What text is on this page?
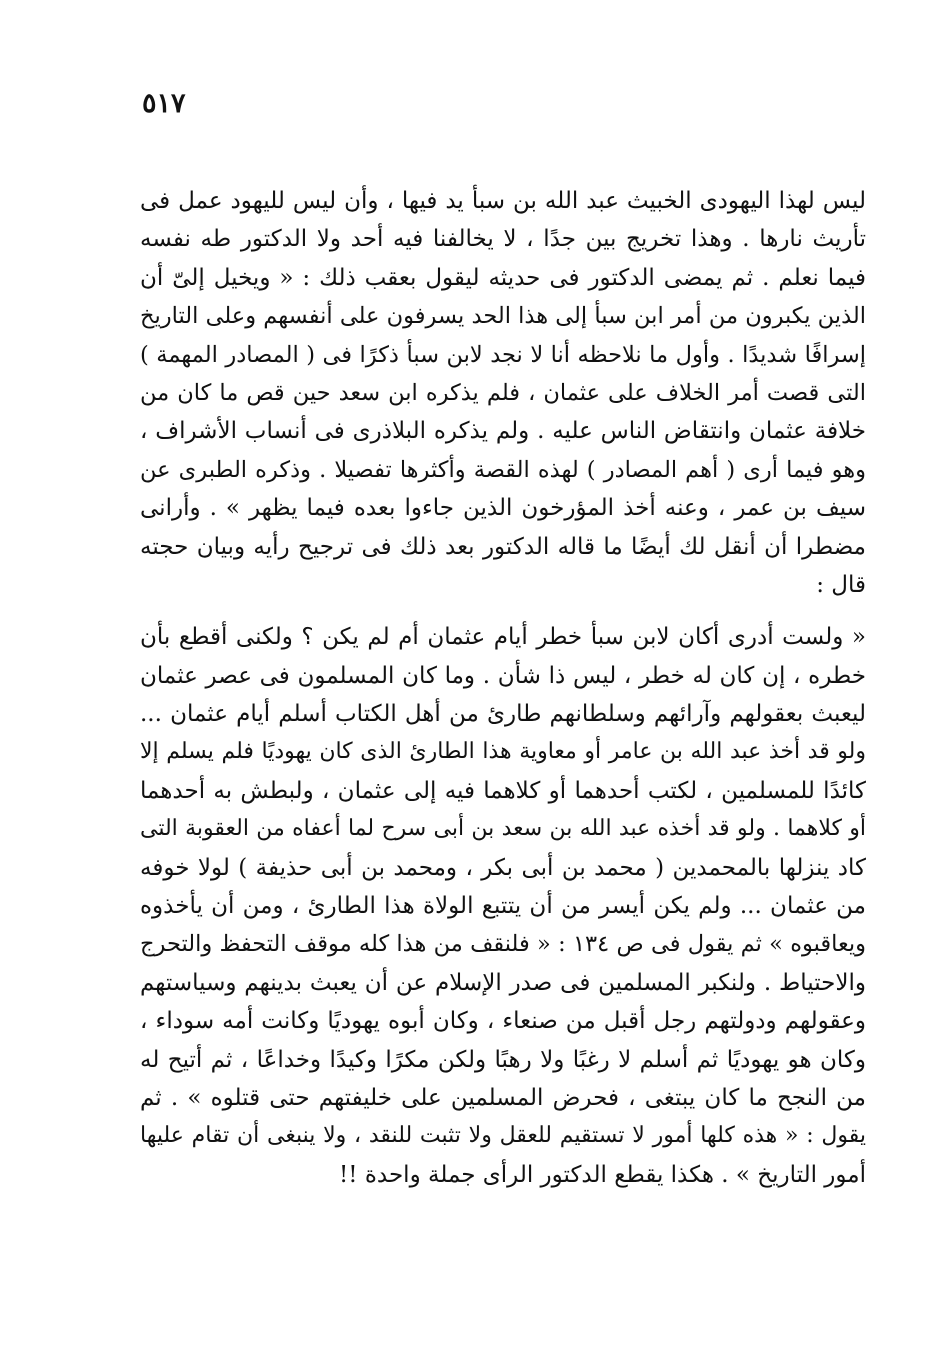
٥١٧

ليس لهذا اليهودى الخبيث عبد الله بن سبأ يد فيها ، وأن ليس لليهود عمل فى
تأريث نارها . وهذا تخريج بين جدًا ، لا يخالفنا فيه أحد ولا الدكتور طه نفسه
فيما نعلم . ثم يمضى الدكتور فى حديثه ليقول بعقب ذلك : « ويخيل إلىّ أن
الذين يكبرون من أمر ابن سبأ إلى هذا الحد يسرفون على أنفسهم وعلى التاريخ
إسرافًا شديدًا . وأول ما نلاحظه أنا لا نجد لابن سبأ ذكرًا فى ( المصادر المهمة )
التى قصت أمر الخلاف على عثمان ، فلم يذكره ابن سعد حين قص ما كان من
خلافة عثمان وانتقاض الناس عليه . ولم يذكره البلاذرى فى أنساب الأشراف ،
وهو فيما أرى ( أهم المصادر ) لهذه القصة وأكثرها تفصيلا . وذكره الطبرى عن
سيف بن عمر ، وعنه أخذ المؤرخون الذين جاءوا بعده فيما يظهر » . وأرانى
مضطرا أن أنقل لك أيضًا ما قاله الدكتور بعد ذلك فى ترجيح رأيه وبيان حجته
قال :

« ولست أدرى أكان لابن سبأ خطر أيام عثمان أم لم يكن ؟ ولكنى أقطع بأن
خطره ، إن كان له خطر ، ليس ذا شأن . وما كان المسلمون فى عصر عثمان
ليعبث بعقولهم وآرائهم وسلطانهم طارئ من أهل الكتاب أسلم أيام عثمان ...
ولو قد أخذ عبد الله بن عامر أو معاوية هذا الطارئ الذى كان يهوديًا فلم يسلم إلا
كائدًا للمسلمين ، لكتب أحدهما أو كلاهما فيه إلى عثمان ، ولبطش به أحدهما
أو كلاهما . ولو قد أخذه عبد الله بن سعد بن أبى سرح لما أعفاه من العقوبة التى
كاد ينزلها بالمحمدين ( محمد بن أبى بكر ، ومحمد بن أبى حذيفة ) لولا خوفه
من عثمان ... ولم يكن أيسر من أن يتتبع الولاة هذا الطارئ ، ومن أن يأخذوه
ويعاقبوه » ثم يقول فى ص ١٣٤ : « فلنقف من هذا كله موقف التحفظ والتحرج
والاحتياط . ولنكبر المسلمين فى صدر الإسلام عن أن يعبث بدينهم وسياستهم
وعقولهم ودولتهم رجل أقبل من صنعاء ، وكان أبوه يهوديًا وكانت أمه سوداء ،
وكان هو يهوديًا ثم أسلم لا رغبًا ولا رهبًا ولكن مكرًا وكيدًا وخداعًا ، ثم أتيح له
من النجح ما كان يبتغى ، فحرض المسلمين على خليفتهم حتى قتلوه » . ثم
يقول : « هذه كلها أمور لا تستقيم للعقل ولا تثبت للنقد ، ولا ينبغى أن تقام عليها
أمور التاريخ » . هكذا يقطع الدكتور الرأى جملة واحدة !!
